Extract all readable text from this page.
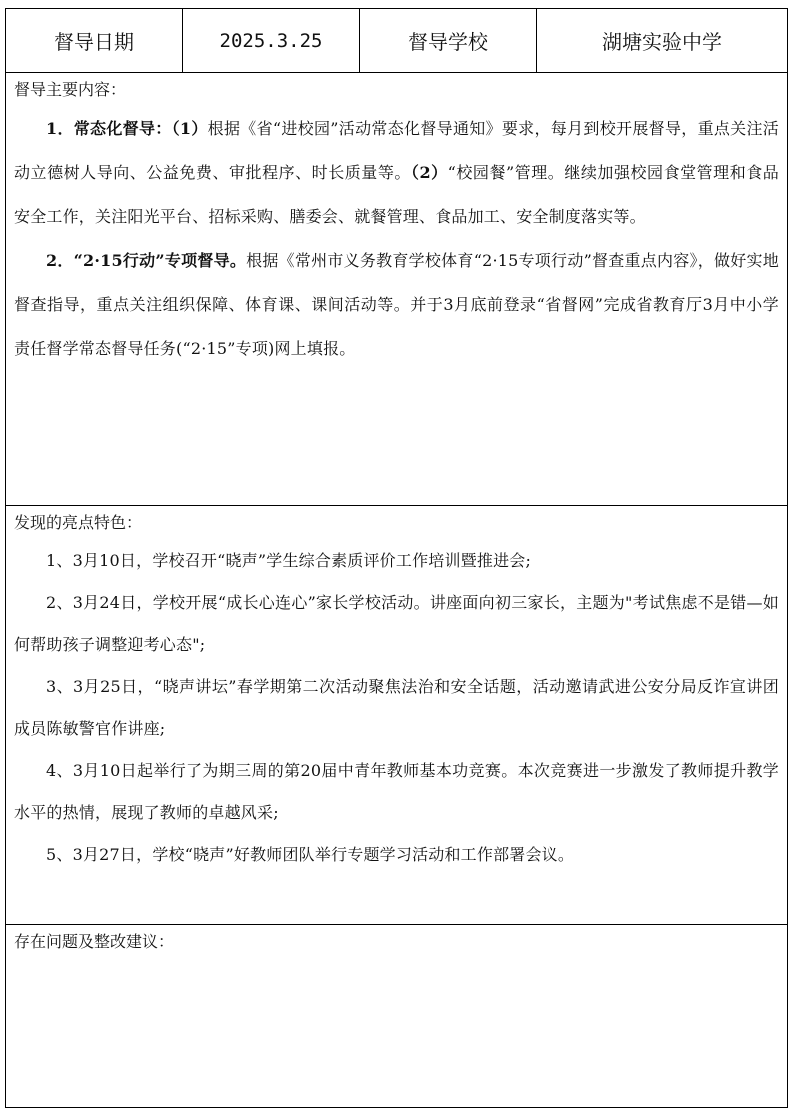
督导日期	2025.3.25	督导学校	湖塘实验中学

督导主要内容：

1．常态化督导：（1）根据《省“进校园”活动常态化督导通知》要求，每月到校开展督导，重点关注活动立德树人导向、公益免费、审批程序、时长质量等。（2）“校园餐”管理。继续加强校园食堂管理和食品安全工作，关注阳光平台、招标采购、膳委会、就餐管理、食品加工、安全制度落实等。

2．“2·15行动”专项督导。根据《常州市义务教育学校体育“2·15专项行动”督查重点内容》，做好实地督查指导，重点关注组织保障、体育课、课间活动等。并于3月底前登录“省督网”完成省教育厅3月中小学责任督学常态督导任务(“2·15”专项)网上填报。

发现的亮点特色：

1、3月10日，学校召开“晓声”学生综合素质评价工作培训暨推进会;

2、3月24日，学校开展“成长心连心”家长学校活动。讲座面向初三家长，主题为"考试焦虑不是错—如何帮助孩子调整迎考心态";

3、3月25日，“晓声讲坛”春学期第二次活动聚焦法治和安全话题，活动邀请武进公安分局反诈宣讲团成员陈敏警官作讲座;

4、3月10日起举行了为期三周的第20届中青年教师基本功竞赛。本次竞赛进一步激发了教师提升教学水平的热情，展现了教师的卓越风采;

5、3月27日，学校“晓声”好教师团队举行专题学习活动和工作部署会议。

存在问题及整改建议：
